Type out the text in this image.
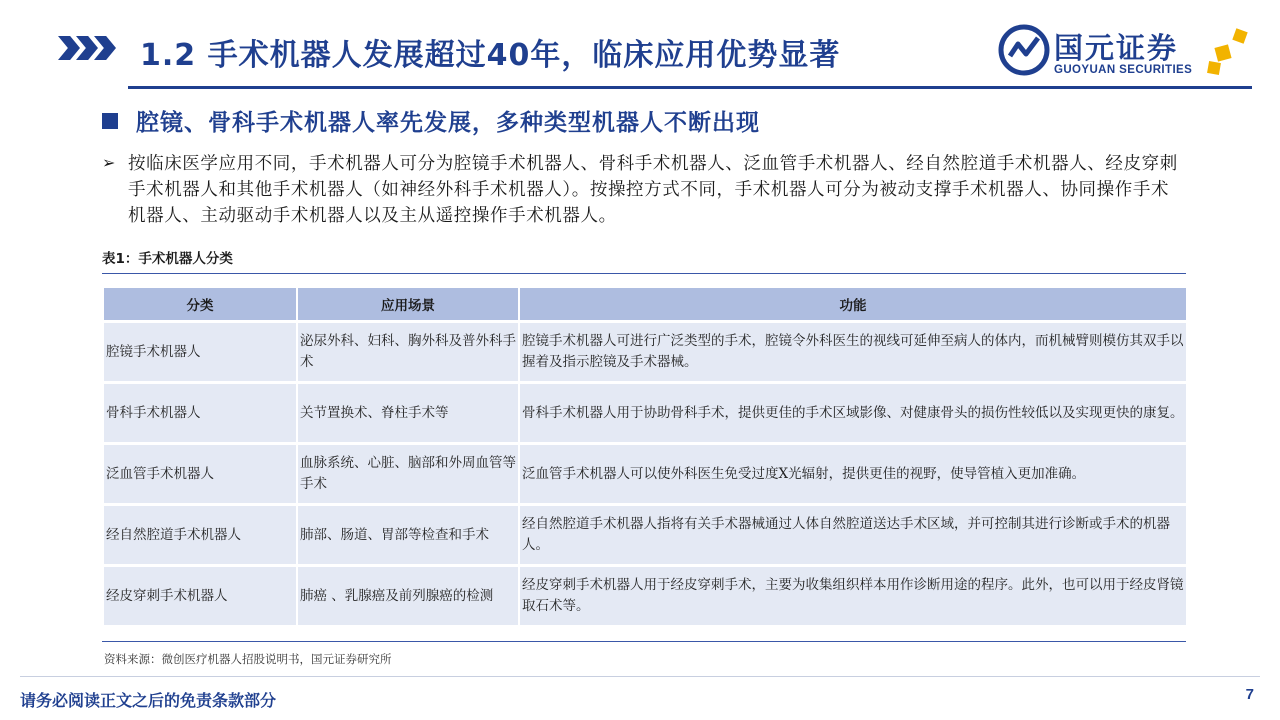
1.2 手术机器人发展超过40年，临床应用优势显著	国元证券
GUOYUAN SECURITIES
腔镜、骨科手术机器人率先发展，多种类型机器人不断出现
➢ 按临床医学应用不同，手术机器人可分为腔镜手术机器人、骨科手术机器人、泛血管手术机器人、经自然腔道手术机器人、经皮穿刺手术机器人和其他手术机器人（如神经外科手术机器人）。按操控方式不同，手术机器人可分为被动支撑手术机器人、协同操作手术机器人、主动驱动手术机器人以及主从遥控操作手术机器人。
表1：手术机器人分类
分类	应用场景	功能
腔镜手术机器人	泌尿外科、妇科、胸外科及普外科手术	腔镜手术机器人可进行广泛类型的手术，腔镜令外科医生的视线可延伸至病人的体内，而机械臂则模仿其双手以握着及指示腔镜及手术器械。
骨科手术机器人	关节置换术、脊柱手术等	骨科手术机器人用于协助骨科手术，提供更佳的手术区域影像、对健康骨头的损伤性较低以及实现更快的康复。
泛血管手术机器人	血脉系统、心脏、脑部和外周血管等手术	泛血管手术机器人可以使外科医生免受过度X光辐射，提供更佳的视野，使导管植入更加准确。
经自然腔道手术机器人	肺部、肠道、胃部等检查和手术	经自然腔道手术机器人指将有关手术器械通过人体自然腔道送达手术区域，并可控制其进行诊断或手术的机器人。
经皮穿刺手术机器人	肺癌 、乳腺癌及前列腺癌的检测	经皮穿刺手术机器人用于经皮穿刺手术，主要为收集组织样本用作诊断用途的程序。此外，也可以用于经皮肾镜取石术等。
资料来源：微创医疗机器人招股说明书，国元证券研究所
请务必阅读正文之后的免责条款部分	7
